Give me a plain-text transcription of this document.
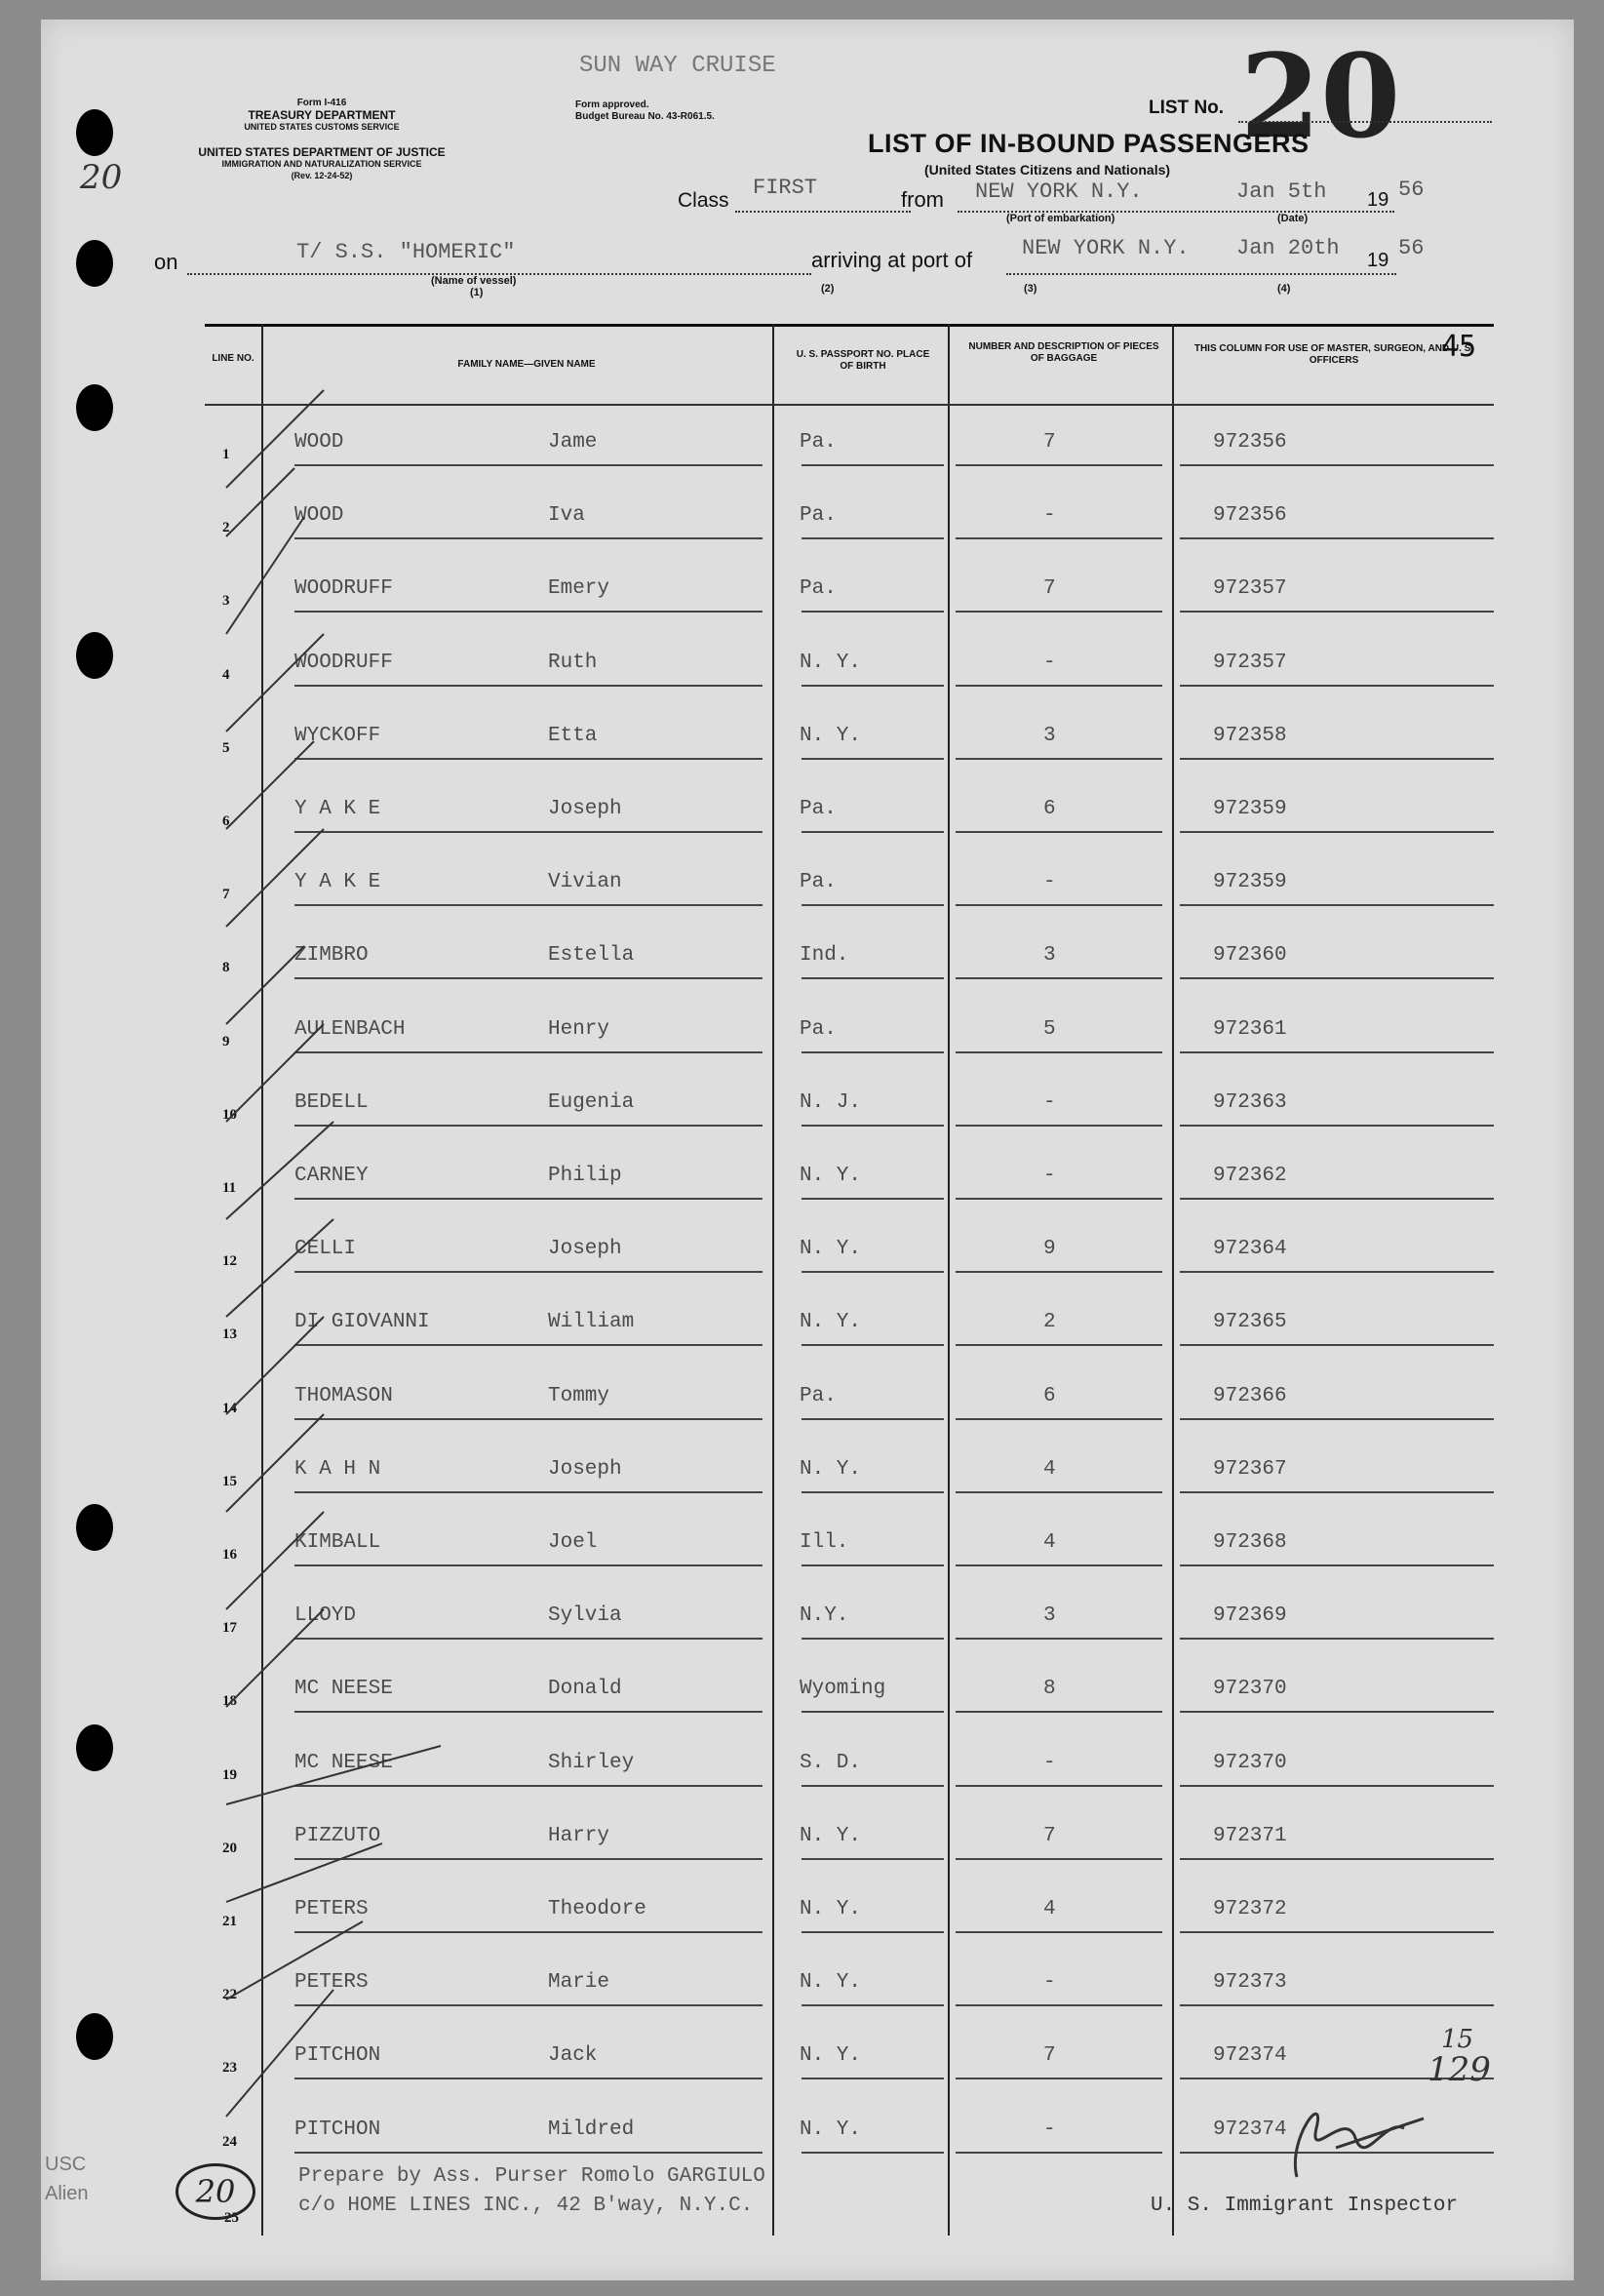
SUN WAY CRUISE	20
20
Form I-416
TREASURY DEPARTMENT
UNITED STATES CUSTOMS SERVICE
UNITED STATES DEPARTMENT OF JUSTICE
IMMIGRATION AND NATURALIZATION SERVICE
(Rev. 12-24-52)
Form approved.
Budget Bureau No. 43-R061.5.	LIST No.
LIST OF IN-BOUND PASSENGERS
(United States Citizens and Nationals)
Class
FIRST	from NEW YORK N.Y.	Jan 5th 19 56
(Port of embarkation)	(Date)
on	T/ S.S. "HOMERIC"
(Name of vessel)
(1)
arriving at port of NEW YORK N.Y. Jan 20th 19 56
(2)	(3)	(4)
45
LINE NO.
FAMILY NAME—GIVEN NAME
U. S. PASSPORT NO. PLACE OF BIRTH
NUMBER AND DESCRIPTION OF PIECES OF BAGGAGE
THIS COLUMN FOR USE OF MASTER, SURGEON, AND U. S. OFFICERS
1
WOOD	Jame	Pa.	7	972356
2
WOOD	Iva	Pa.	-	972356
3
WOODRUFF	Emery	Pa.	7	972357
4
WOODRUFF	Ruth	N. Y.	-	972357
5
WYCKOFF	Etta	N. Y.	3	972358
6
Y A K E	Joseph	Pa.	6	972359
7
Y A K E	Vivian	Pa.	-	972359
8
ZIMBRO	Estella	Ind.	3	972360
9
AULENBACH	Henry	Pa.	5	972361
10
BEDELL	Eugenia	N. J.	-	972363
11
CARNEY	Philip	N. Y.	-	972362
12
CELLI	Joseph	N. Y.	9	972364
13
DI GIOVANNI	William	N. Y.	2	972365
14
THOMASON	Tommy	Pa.	6	972366
15
K A H N	Joseph	N. Y.	4	972367
16
KIMBALL	Joel	Ill.	4	972368
17
LLOYD	Sylvia	N.Y.	3	972369
18
MC NEESE	Donald	Wyoming	8	972370
19
MC NEESE	Shirley	S. D.	-	972370
20
PIZZUTO	Harry	N. Y.	7	972371
21
PETERS	Theodore	N. Y.	4	972372
22
PETERS	Marie	N. Y.	-	972373
23
PITCHON	Jack	N. Y.	7	972374
24
PITCHON	Mildred	N. Y.	-	972374
25
Prepare by Ass. Purser Romolo GARGIULO
c/o HOME LINES INC., 42 B'way, N.Y.C.	U. S. Immigrant Inspector
15
129
USC
Alien	20
